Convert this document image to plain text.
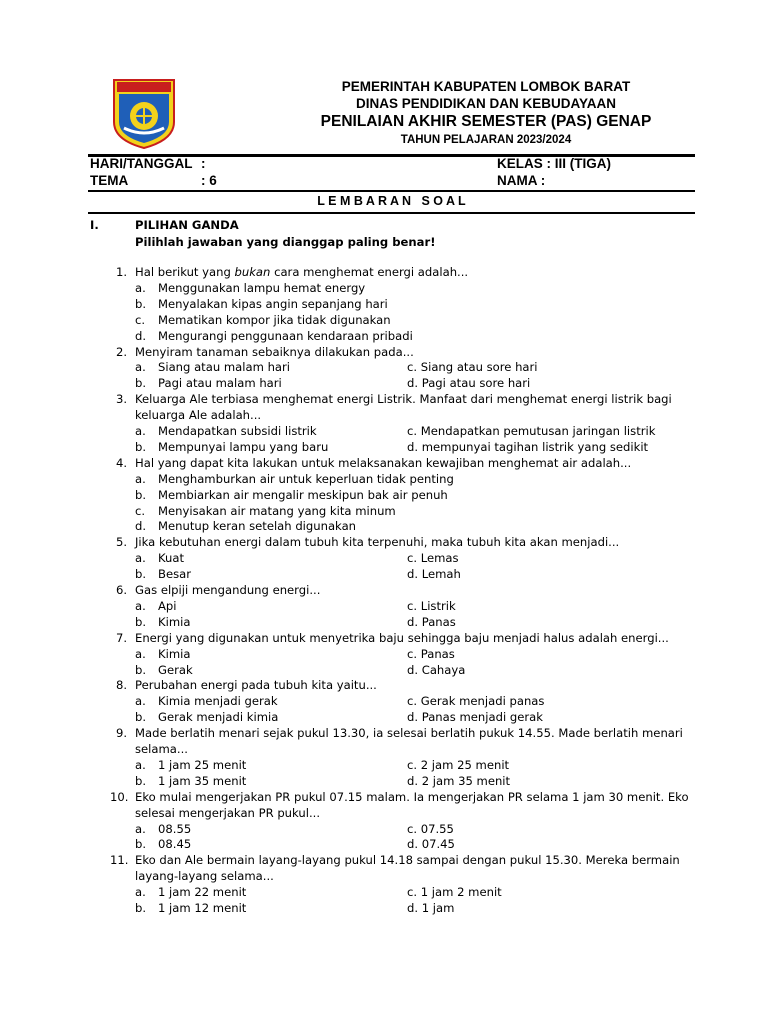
PEMERINTAH KABUPATEN LOMBOK BARAT
DINAS PENDIDIKAN DAN KEBUDAYAAN
PENILAIAN AKHIR SEMESTER (PAS) GENAP
TAHUN PELAJARAN 2023/2024
HARI/TANGGAL :	KELAS : III (TIGA)
TEMA	: 6	NAMA :
L E M B A R A N   S O A L
I.	PILIHAN GANDA
Pilihlah jawaban yang dianggap paling benar!
1. Hal berikut yang bukan cara menghemat energi adalah...
a. Menggunakan lampu hemat energy
b. Menyalakan kipas angin sepanjang hari
c. Mematikan kompor jika tidak digunakan
d. Mengurangi penggunaan kendaraan pribadi
2. Menyiram tanaman sebaiknya dilakukan pada...
a. Siang atau malam hari	c. Siang atau sore hari
b. Pagi atau malam hari	d. Pagi atau sore hari
3. Keluarga Ale terbiasa menghemat energi Listrik. Manfaat dari menghemat energi listrik bagi
keluarga Ale adalah...
a. Mendapatkan subsidi listrik	c. Mendapatkan pemutusan jaringan listrik
b. Mempunyai lampu yang baru	d. mempunyai tagihan listrik yang sedikit
4. Hal yang dapat kita lakukan untuk melaksanakan kewajiban menghemat air adalah...
a. Menghamburkan air untuk keperluan tidak penting
b. Membiarkan air mengalir meskipun bak air penuh
c. Menyisakan air matang yang kita minum
d. Menutup keran setelah digunakan
5. Jika kebutuhan energi dalam tubuh kita terpenuhi, maka tubuh kita akan menjadi...
a. Kuat	c. Lemas
b. Besar	d. Lemah
6. Gas elpiji mengandung energi...
a. Api	c. Listrik
b. Kimia	d. Panas
7. Energi yang digunakan untuk menyetrika baju sehingga baju menjadi halus adalah energi...
a. Kimia	c. Panas
b. Gerak	d. Cahaya
8. Perubahan energi pada tubuh kita yaitu...
a. Kimia menjadi gerak	c. Gerak menjadi panas
b. Gerak menjadi kimia	d. Panas menjadi gerak
9. Made berlatih menari sejak pukul 13.30, ia selesai berlatih pukuk 14.55. Made berlatih menari
selama...
a. 1 jam 25 menit	c. 2 jam 25 menit
b. 1 jam 35 menit	d. 2 jam 35 menit
10. Eko mulai mengerjakan PR pukul 07.15 malam. Ia mengerjakan PR selama 1 jam 30 menit. Eko
selesai mengerjakan PR pukul...
a. 08.55	c. 07.55
b. 08.45	d. 07.45
11. Eko dan Ale bermain layang-layang pukul 14.18 sampai dengan pukul 15.30. Mereka bermain
layang-layang selama...
a. 1 jam 22 menit	c. 1 jam 2 menit
b. 1 jam 12 menit	d. 1 jam
